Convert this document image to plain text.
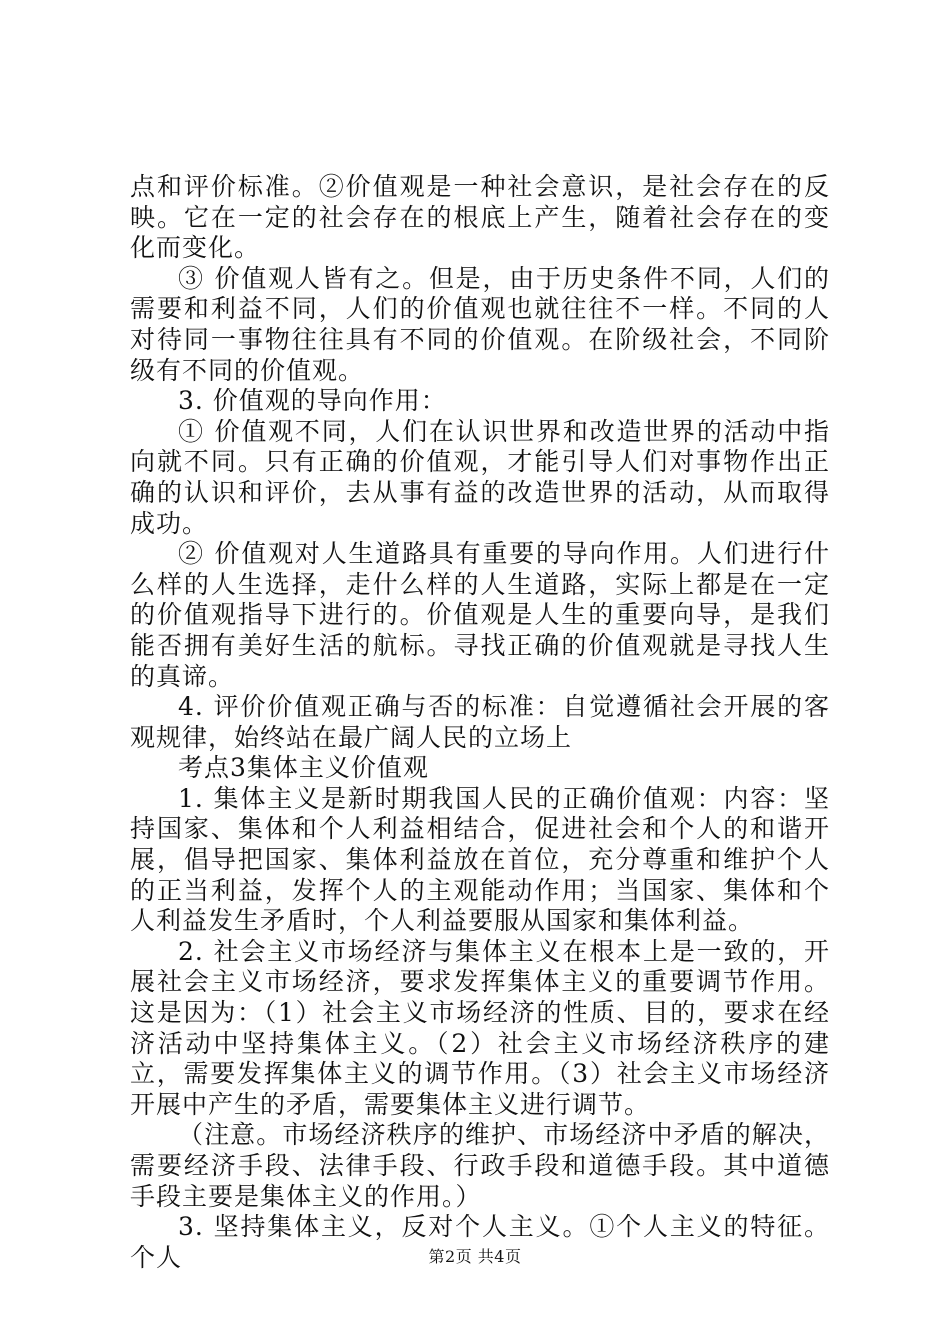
点和评价标准。②价值观是一种社会意识，是社会存在的反映。它在一定的社会存在的根底上产生，随着社会存在的变化而变化。

③ 价值观人皆有之。但是，由于历史条件不同，人们的需要和利益不同，人们的价值观也就往往不一样。不同的人对待同一事物往往具有不同的价值观。在阶级社会，不同阶级有不同的价值观。

3. 价值观的导向作用：

① 价值观不同，人们在认识世界和改造世界的活动中指向就不同。只有正确的价值观，才能引导人们对事物作出正确的认识和评价，去从事有益的改造世界的活动，从而取得成功。

② 价值观对人生道路具有重要的导向作用。人们进行什么样的人生选择，走什么样的人生道路，实际上都是在一定的价值观指导下进行的。价值观是人生的重要向导，是我们能否拥有美好生活的航标。寻找正确的价值观就是寻找人生的真谛。

4. 评价价值观正确与否的标准：自觉遵循社会开展的客观规律，始终站在最广阔人民的立场上

考点3集体主义价值观

1. 集体主义是新时期我国人民的正确价值观：内容：坚持国家、集体和个人利益相结合，促进社会和个人的和谐开展，倡导把国家、集体利益放在首位，充分尊重和维护个人的正当利益，发挥个人的主观能动作用；当国家、集体和个人利益发生矛盾时，个人利益要服从国家和集体利益。

2. 社会主义市场经济与集体主义在根本上是一致的，开展社会主义市场经济，要求发挥集体主义的重要调节作用。这是因为：（1）社会主义市场经济的性质、目的，要求在经济活动中坚持集体主义。（2）社会主义市场经济秩序的建立，需要发挥集体主义的调节作用。（3）社会主义市场经济开展中产生的矛盾，需要集体主义进行调节。

（注意。市场经济秩序的维护、市场经济中矛盾的解决，需要经济手段、法律手段、行政手段和道德手段。其中道德手段主要是集体主义的作用。）

3. 坚持集体主义，反对个人主义。①个人主义的特征。个人	第2页 共4页
